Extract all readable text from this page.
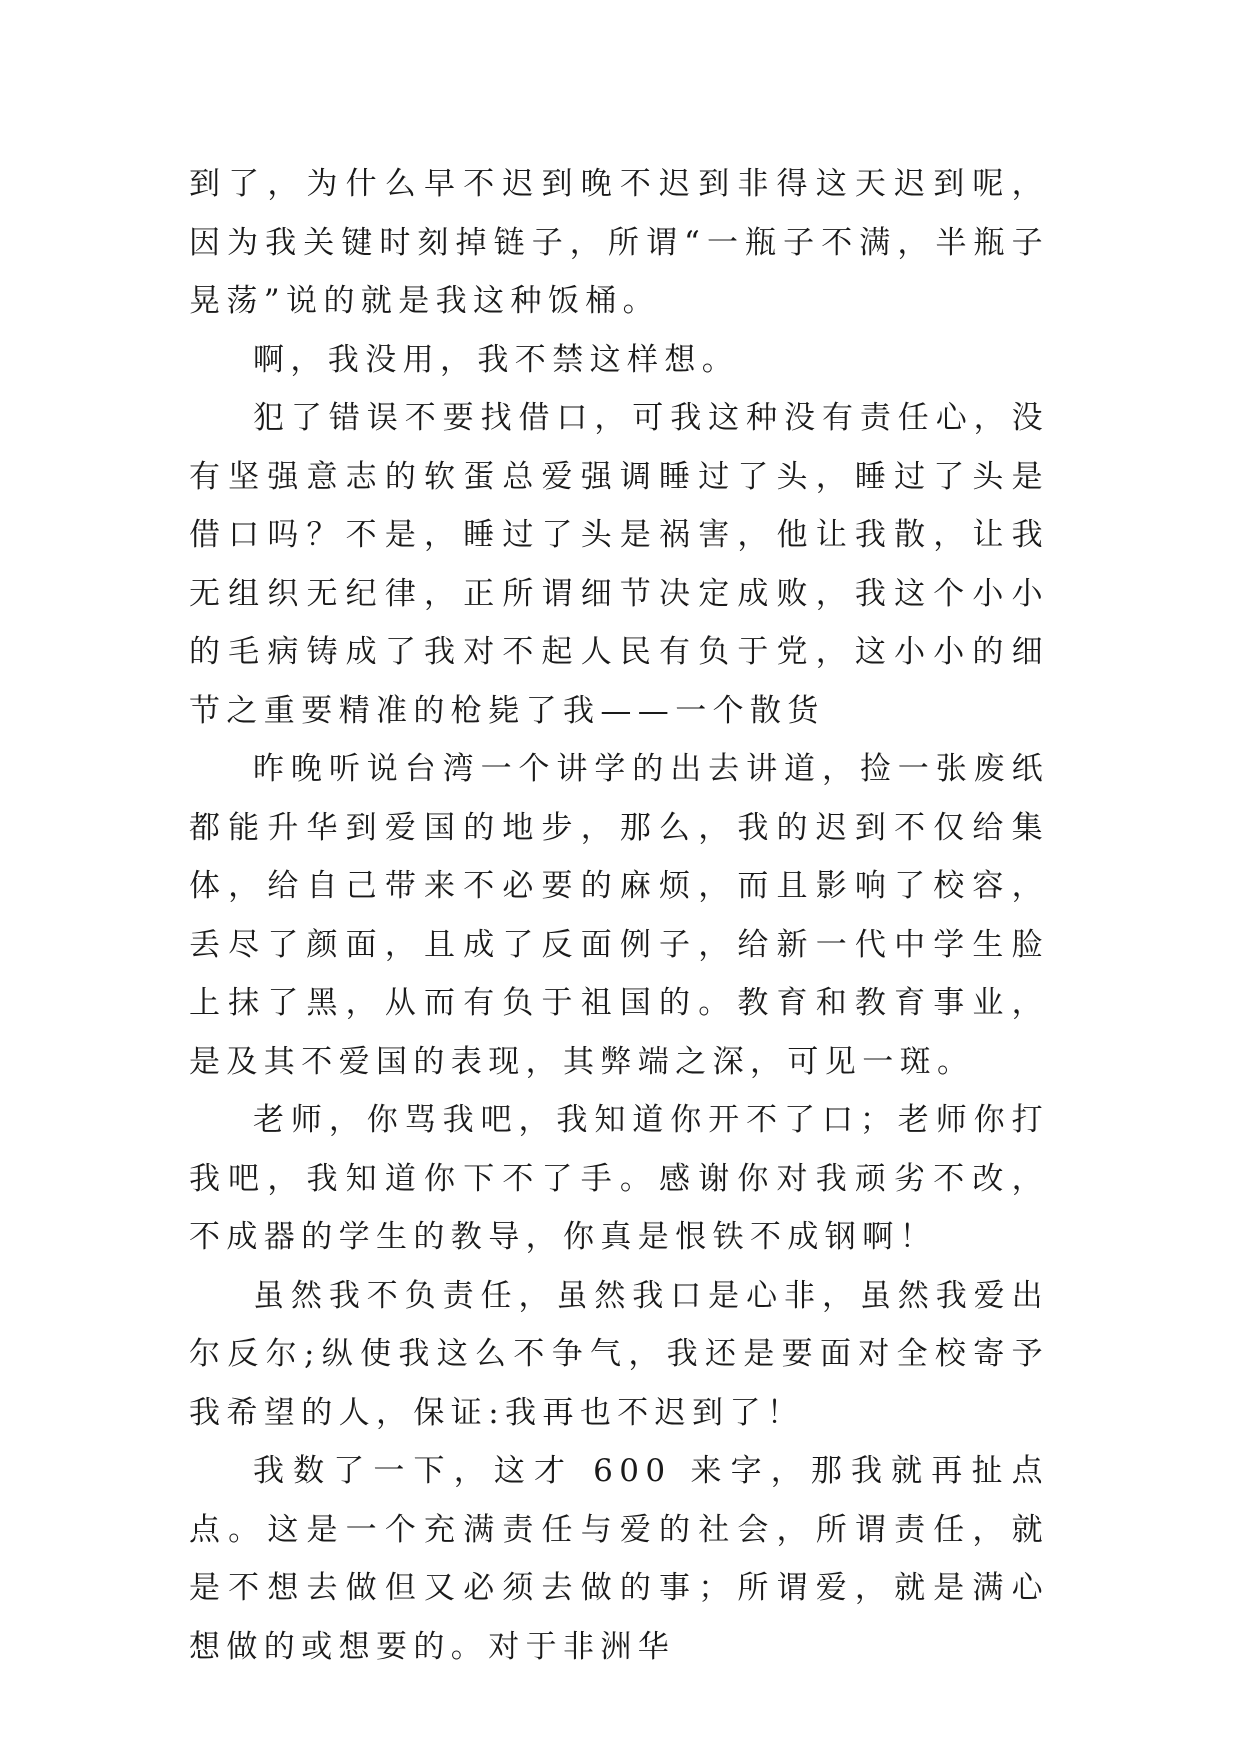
到了，为什么早不迟到晚不迟到非得这天迟到呢，因为我关键时刻掉链子，所谓“一瓶子不满，半瓶子晃荡”说的就是我这种饭桶。

啊，我没用，我不禁这样想。

犯了错误不要找借口，可我这种没有责任心，没有坚强意志的软蛋总爱强调睡过了头，睡过了头是借口吗？不是，睡过了头是祸害，他让我散，让我无组织无纪律，正所谓细节决定成败，我这个小小的毛病铸成了我对不起人民有负于党，这小小的细节之重要精准的枪毙了我——一个散货

昨晚听说台湾一个讲学的出去讲道，捡一张废纸都能升华到爱国的地步，那么，我的迟到不仅给集体，给自己带来不必要的麻烦，而且影响了校容，丢尽了颜面，且成了反面例子，给新一代中学生脸上抹了黑，从而有负于祖国的。教育和教育事业，是及其不爱国的表现，其弊端之深，可见一斑。

老师，你骂我吧，我知道你开不了口；老师你打我吧，我知道你下不了手。感谢你对我顽劣不改，不成器的学生的教导，你真是恨铁不成钢啊！

虽然我不负责任，虽然我口是心非，虽然我爱出尔反尔;纵使我这么不争气，我还是要面对全校寄予我希望的人，保证:我再也不迟到了！

我数了一下，这才 600 来字，那我就再扯点点。这是一个充满责任与爱的社会，所谓责任，就是不想去做但又必须去做的事；所谓爱，就是满心想做的或想要的。对于非洲华
